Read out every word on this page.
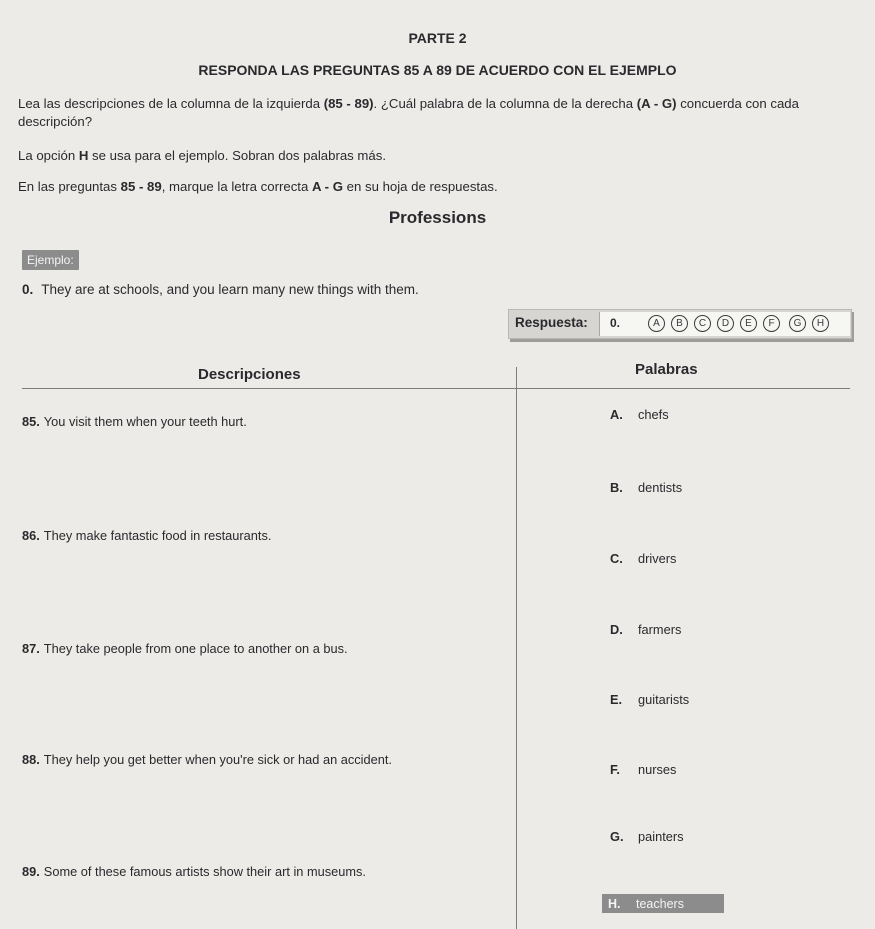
PARTE 2
RESPONDA LAS PREGUNTAS 85 A 89 DE ACUERDO CON EL EJEMPLO
Lea las descripciones de la columna de la izquierda (85 - 89). ¿Cuál palabra de la columna de la derecha (A - G) concuerda con cada
descripción?
La opción H se usa para el ejemplo. Sobran dos palabras más.
En las preguntas 85 - 89, marque la letra correcta A - G en su hoja de respuestas.
Professions
Ejemplo:
0. They are at schools, and you learn many new things with them.
Respuesta: 0.	A	B	C	D	E	F	G	H
Descripciones	Palabras
85. You visit them when your teeth hurt.
86. They make fantastic food in restaurants.
87. They take people from one place to another on a bus.
88. They help you get better when you're sick or had an accident.
89. Some of these famous artists show their art in museums.
A. chefs
B. dentists
C. drivers
D. farmers
E. guitarists
F. nurses
G. painters
H. teachers
